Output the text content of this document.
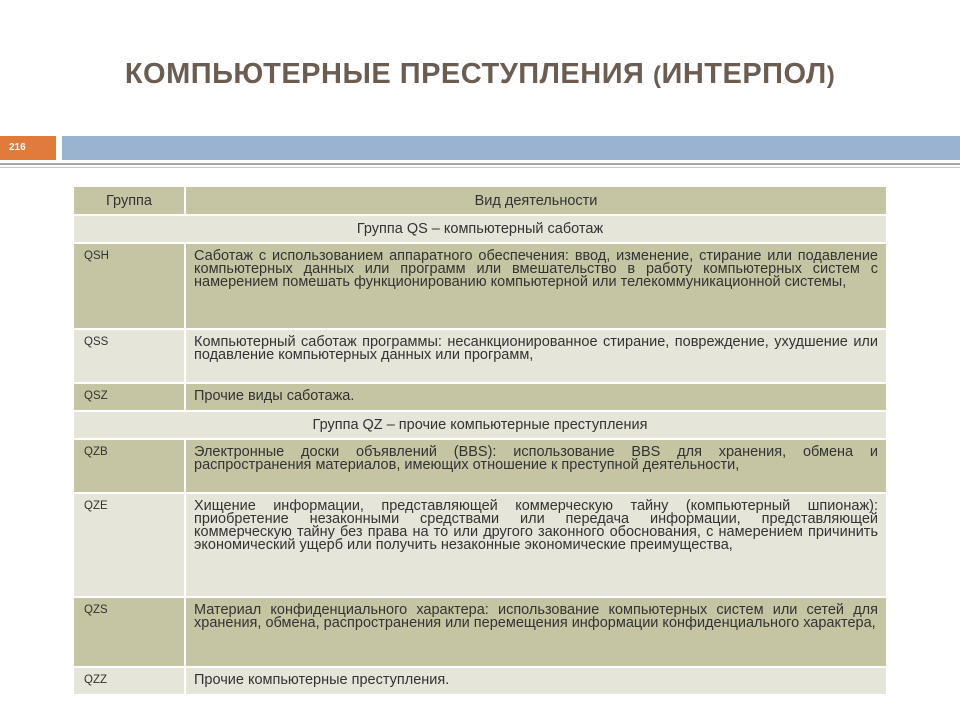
КОМПЬЮТЕРНЫЕ ПРЕСТУПЛЕНИЯ (ИНТЕРПОЛ)
216
Группа	Вид деятельности
Группа QS – компьютерный саботаж	
QSH	Саботаж с использованием аппаратного обеспечения: ввод, изменение, стирание или подавление компьютерных данных или программ или вмешательство в работу компьютерных систем с намерением помешать функционированию компьютерной или телекоммуникационной системы,
QSS	Компьютерный саботаж программы: несанкционированное стирание, повреждение, ухудшение или подавление компьютерных данных или программ,
QSZ	Прочие виды саботажа.
Группа QZ – прочие компьютерные преступления	
QZB	Электронные доски объявлений (BBS): использование BBS для хранения, обмена и распространения материалов, имеющих отношение к преступной деятельности,
QZE	Хищение информации, представляющей коммерческую тайну (компьютерный шпионаж): приобретение незаконными средствами или передача информации, представляющей коммерческую тайну без права на то или другого законного обоснования, с намерением причинить экономический ущерб или получить незаконные экономические преимущества,
QZS	Материал конфиденциального характера: использование компьютерных систем или сетей для хранения, обмена, распространения или перемещения информации конфиденциального характера,
QZZ	Прочие компьютерные преступления.
